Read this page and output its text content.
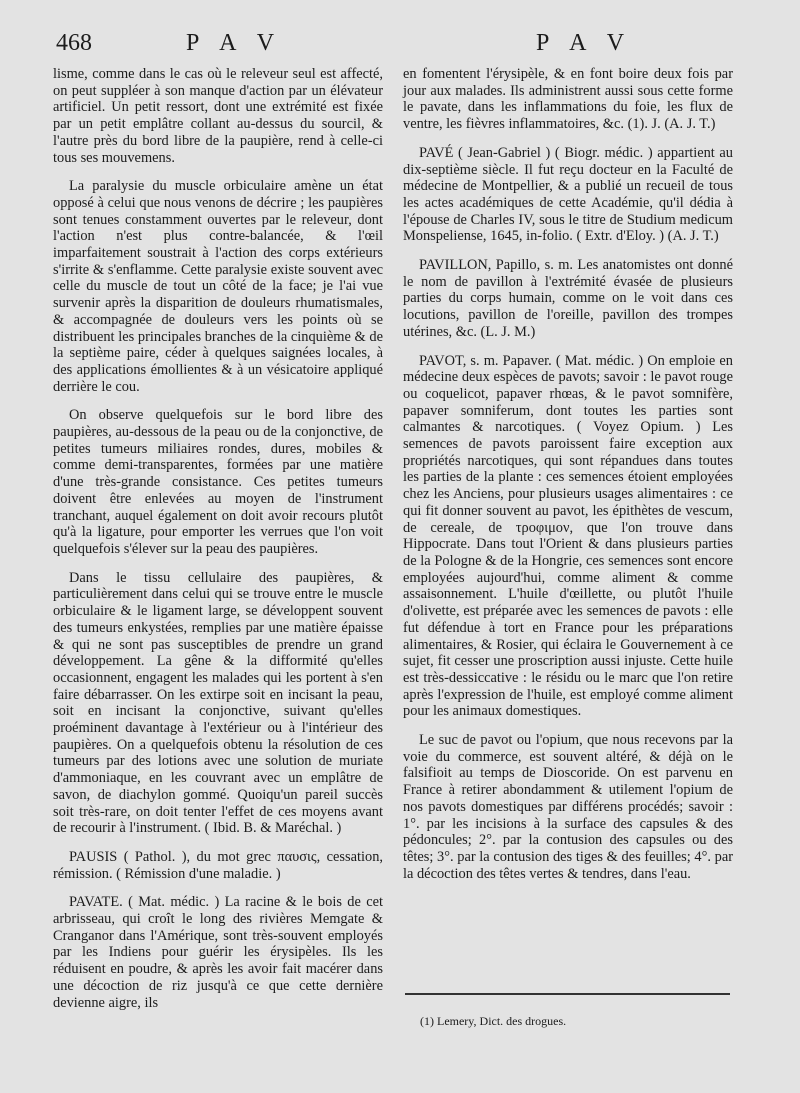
468	P A V	P A V

lisme, comme dans le cas où le releveur seul est affecté, on peut suppléer à son manque d'action par un élévateur artificiel. Un petit ressort, dont une extrémité est fixée par un petit emplâtre collant au-dessus du sourcil, & l'autre près du bord libre de la paupière, rend à celle-ci tous ses mouvemens.

La paralysie du muscle orbiculaire amène un état opposé à celui que nous venons de décrire ; les paupières sont tenues constamment ouvertes par le releveur, dont l'action n'est plus contre-balancée, & l'œil imparfaitement soustrait à l'action des corps extérieurs s'irrite & s'enflamme. Cette paralysie existe souvent avec celle du muscle de tout un côté de la face; je l'ai vue survenir après la disparition de douleurs rhumatismales, & accompagnée de douleurs vers les points où se distribuent les principales branches de la cinquième & de la septième paire, céder à quelques saignées locales, à des applications émollientes & à un vésicatoire appliqué derrière le cou.

On observe quelquefois sur le bord libre des paupières, au-dessous de la peau ou de la conjonctive, de petites tumeurs miliaires rondes, dures, mobiles & comme demi-transparentes, formées par une matière d'une très-grande consistance. Ces petites tumeurs doivent être enlevées au moyen de l'instrument tranchant, auquel également on doit avoir recours plutôt qu'à la ligature, pour emporter les verrues que l'on voit quelquefois s'élever sur la peau des paupières.

Dans le tissu cellulaire des paupières, & particulièrement dans celui qui se trouve entre le muscle orbiculaire & le ligament large, se développent souvent des tumeurs enkystées, remplies par une matière épaisse & qui ne sont pas susceptibles de prendre un grand développement. La gêne & la difformité qu'elles occasionnent, engagent les malades qui les portent à s'en faire débarrasser. On les extirpe soit en incisant la peau, soit en incisant la conjonctive, suivant qu'elles proéminent davantage à l'extérieur ou à l'intérieur des paupières. On a quelquefois obtenu la résolution de ces tumeurs par des lotions avec une solution de muriate d'ammoniaque, en les couvrant avec un emplâtre de savon, de diachylon gommé. Quoiqu'un pareil succès soit très-rare, on doit tenter l'effet de ces moyens avant de recourir à l'instrument. ( Ibid. B. & Maréchal. )

PAUSIS ( Pathol. ), du mot grec παυσις, cessation, rémission. ( Rémission d'une maladie. )

PAVATE. ( Mat. médic. ) La racine & le bois de cet arbrisseau, qui croît le long des rivières Memgate & Cranganor dans l'Amérique, sont très-souvent employés par les Indiens pour guérir les érysipèles. Ils les réduisent en poudre, & après les avoir fait macérer dans une décoction de riz jusqu'à ce que cette dernière devienne aigre, ils

en fomentent l'érysipèle, & en font boire deux fois par jour aux malades. Ils administrent aussi sous cette forme le pavate, dans les inflammations du foie, les flux de ventre, les fièvres inflammatoires, &c. (1). J. (A. J. T.)

PAVÉ ( Jean-Gabriel ) ( Biogr. médic. ) appartient au dix-septième siècle. Il fut reçu docteur en la Faculté de médecine de Montpellier, & a publié un recueil de tous les actes académiques de cette Académie, qu'il dédia à l'épouse de Charles IV, sous le titre de Studium medicum Monspeliense, 1645, in-folio. ( Extr. d'Eloy. ) (A. J. T.)

PAVILLON, Papillo, s. m. Les anatomistes ont donné le nom de pavillon à l'extrémité évasée de plusieurs parties du corps humain, comme on le voit dans ces locutions, pavillon de l'oreille, pavillon des trompes utérines, &c. (L. J. M.)

PAVOT, s. m. Papaver. ( Mat. médic. ) On emploie en médecine deux espèces de pavots; savoir : le pavot rouge ou coquelicot, papaver rhœas, & le pavot somnifère, papaver somniferum, dont toutes les parties sont calmantes & narcotiques. ( Voyez Opium. ) Les semences de pavots paroissent faire exception aux propriétés narcotiques, qui sont répandues dans toutes les parties de la plante : ces semences étoient employées chez les Anciens, pour plusieurs usages alimentaires : ce qui fit donner souvent au pavot, les épithètes de vescum, de cereale, de τροφιμον, que l'on trouve dans Hippocrate. Dans tout l'Orient & dans plusieurs parties de la Pologne & de la Hongrie, ces semences sont encore employées aujourd'hui, comme aliment & comme assaisonnement. L'huile d'œillette, ou plutôt l'huile d'olivette, est préparée avec les semences de pavots : elle fut défendue à tort en France pour les préparations alimentaires, & Rosier, qui éclaira le Gouvernement à ce sujet, fit cesser une proscription aussi injuste. Cette huile est très-dessiccative : le résidu ou le marc que l'on retire après l'expression de l'huile, est employé comme aliment pour les animaux domestiques.

Le suc de pavot ou l'opium, que nous recevons par la voie du commerce, est souvent altéré, & déjà on le falsifioit au temps de Dioscoride. On est parvenu en France à retirer abondamment & utilement l'opium de nos pavots domestiques par différens procédés; savoir : 1°. par les incisions à la surface des capsules & des pédoncules; 2°. par la contusion des capsules ou des têtes; 3°. par la contusion des tiges & des feuilles; 4°. par la décoction des têtes vertes & tendres, dans l'eau.

(1) Lemery, Dict. des drogues.
